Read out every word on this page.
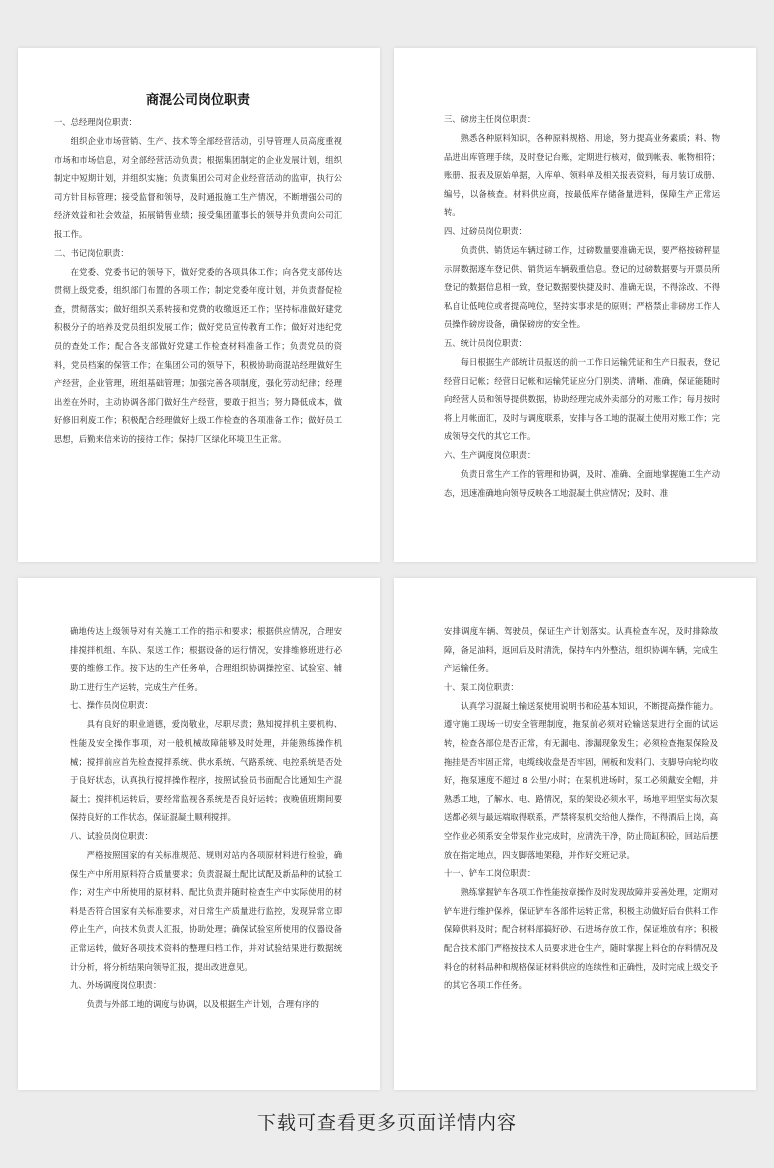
商混公司岗位职责

一、总经理岗位职责：

组织企业市场营销、生产、技术等全部经营活动，引导管理人员高度重视市场和市场信息，对全部经营活动负责；根据集团制定的企业发展计划，组织制定中短期计划，并组织实施；负责集团公司对企业经营活动的监审，执行公司方针目标管理；接受监督和领导，及时通报施工生产情况，不断增强公司的经济效益和社会效益，拓展销售业绩；接受集团董事长的领导并负责向公司汇报工作。

二、书记岗位职责：

在党委、党委书记的领导下，做好党委的各项具体工作；向各党支部传达贯彻上级党委，组织部门布置的各项工作；制定党委年度计划，并负责督促检查，贯彻落实；做好组织关系转接和党费的收缴返还工作；坚持标准做好建党积极分子的培养及党员组织发展工作；做好党员宣传教育工作；做好对违纪党员的查处工作；配合各支部做好党建工作检查材料准备工作；负责党员的资料，党员档案的保管工作；在集团公司的领导下，积极协助商混站经理做好生产经营，企业管理，班组基础管理；加强完善各项制度，强化劳动纪律；经理出差在外时，主动协调各部门做好生产经营，要敢于担当；努力降低成本，做好修旧利废工作；积极配合经理做好上级工作检查的各项准备工作；做好员工思想，后勤来信来访的接待工作；保持厂区绿化环境卫生正常。

三、磅房主任岗位职责：

熟悉各种原料知识，各种原料规格、用途，努力提高业务素质；料、物品进出库管理手续，及时登记台账，定期进行核对，做到帐表、帐物相符；账册、报表及原始单据，入库单、领料单及相关报表资料，每月装订成册、编号，以备核查。材料供应商，按最低库存储备量进料，保障生产正常运转。

四、过磅员岗位职责：

负责供、销货运车辆过磅工作，过磅数量要准确无误，要严格按磅秤显示屏数据逐车登记供、销货运车辆载重信息。登记的过磅数据要与开票员所登记的数据信息相一致，登记数据要快捷及时、准确无误，不得涂改、不得私自让低吨位或者提高吨位，坚持实事求是的原则；严格禁止非磅房工作人员操作磅房设备，确保磅房的安全性。

五、统计员岗位职责：

每日根据生产部统计员报送的前一工作日运输凭证和生产日报表，登记经营日记帐；经营日记帐和运输凭证应分门别类、清晰、准确，保证能随时向经营人员和领导提供数据，协助经理完成外卖部分的对账工作；每月按时将上月帐面汇，及时与调度联系，安排与各工地的混凝土使用对账工作；完成领导交代的其它工作。

六、生产调度岗位职责：

负责日常生产工作的管理和协调，及时、准确、全面地掌握施工生产动态，迅速准确地向领导反映各工地混凝土供应情况；及时、准

确地传达上级领导对有关施工工作的指示和要求；根据供应情况，合理安排搅拌机组、车队、泵送工作；根据设备的运行情况，安排维修班进行必要的维修工作。按下达的生产任务单，合理组织协调操控室、试验室、辅助工进行生产运转，完成生产任务。

七、操作员岗位职责：

具有良好的职业道德，爱岗敬业，尽职尽责；熟知搅拌机主要机构、性能及安全操作事项，对一般机械故障能够及时处理，并能熟练操作机械；搅拌前应首先检查搅拌系统、供水系统、气路系统、电控系统是否处于良好状态，认真执行搅拌操作程序，按照试验员书面配合比通知生产混凝土；搅拌机运转后，要经常监视各系统是否良好运转；夜晚值班期间要保持良好的工作状态，保证混凝土顺利搅拌。

八、试验员岗位职责：

严格按照国家的有关标准规范、规则对站内各项原材料进行检验，确保生产中所用原料符合质量要求；负责混凝土配比试配及新品种的试验工作；对生产中所使用的原材料、配比负责并随时检查生产中实际使用的材料是否符合国家有关标准要求，对日常生产质量进行监控，发现异常立即停止生产，向技术负责人汇报，协助处理；确保试验室所使用的仪器设备正常运转，做好各项技术资料的整理归档工作，并对试验结果进行数据统计分析，将分析结果向领导汇报，提出改进意见。

九、外场调度岗位职责：

负责与外部工地的调度与协调，以及根据生产计划，合理有序的

安排调度车辆、驾驶员，保证生产计划落实。认真检查车况，及时排除故障，备足油料，返回后及时清洗，保持车内外整洁，组织协调车辆，完成生产运输任务。

十、泵工岗位职责：

认真学习混凝土输送泵使用说明书和砼基本知识，不断提高操作能力。遵守施工现场一切安全管理制度，拖泵前必须对砼输送泵进行全面的试运转，检查各部位是否正常，有无漏电、渗漏现象发生；必须检查拖泵保险及拖挂是否牢固正常，电缆线收盘是否牢固，闸板和发料门、支脚导向轮均收好，拖泵速度不超过 8 公里/小时；在泵机进场时，泵工必须戴安全帽，并熟悉工地，了解水、电、路情况，泵的架设必须水平，场地平坦坚实每次泵送都必须与最远端取得联系，严禁将泵机交给他人操作，不得酒后上岗，高空作业必须系安全带泵作业完成时，应清洗干净，防止筒缸积砼，回站后摆放在指定地点，四支脚落地架稳，并作好交班记录。

十一、铲车工岗位职责：

熟练掌握铲车各项工作性能按章操作及时发现故障并妥善处理，定期对铲车进行维护保养，保证铲车各部件运转正常，积极主动做好后台供料工作保障供料及时；配合材料部搞好砂、石进场存放工作，保证堆放有序；积极配合技术部门严格按技术人员要求进仓生产，随时掌握上料仓的存料情况及料仓的材料品种和规格保证材料供应的连续性和正确性，及时完成上级交予的其它各项工作任务。

下载可查看更多页面详情内容
